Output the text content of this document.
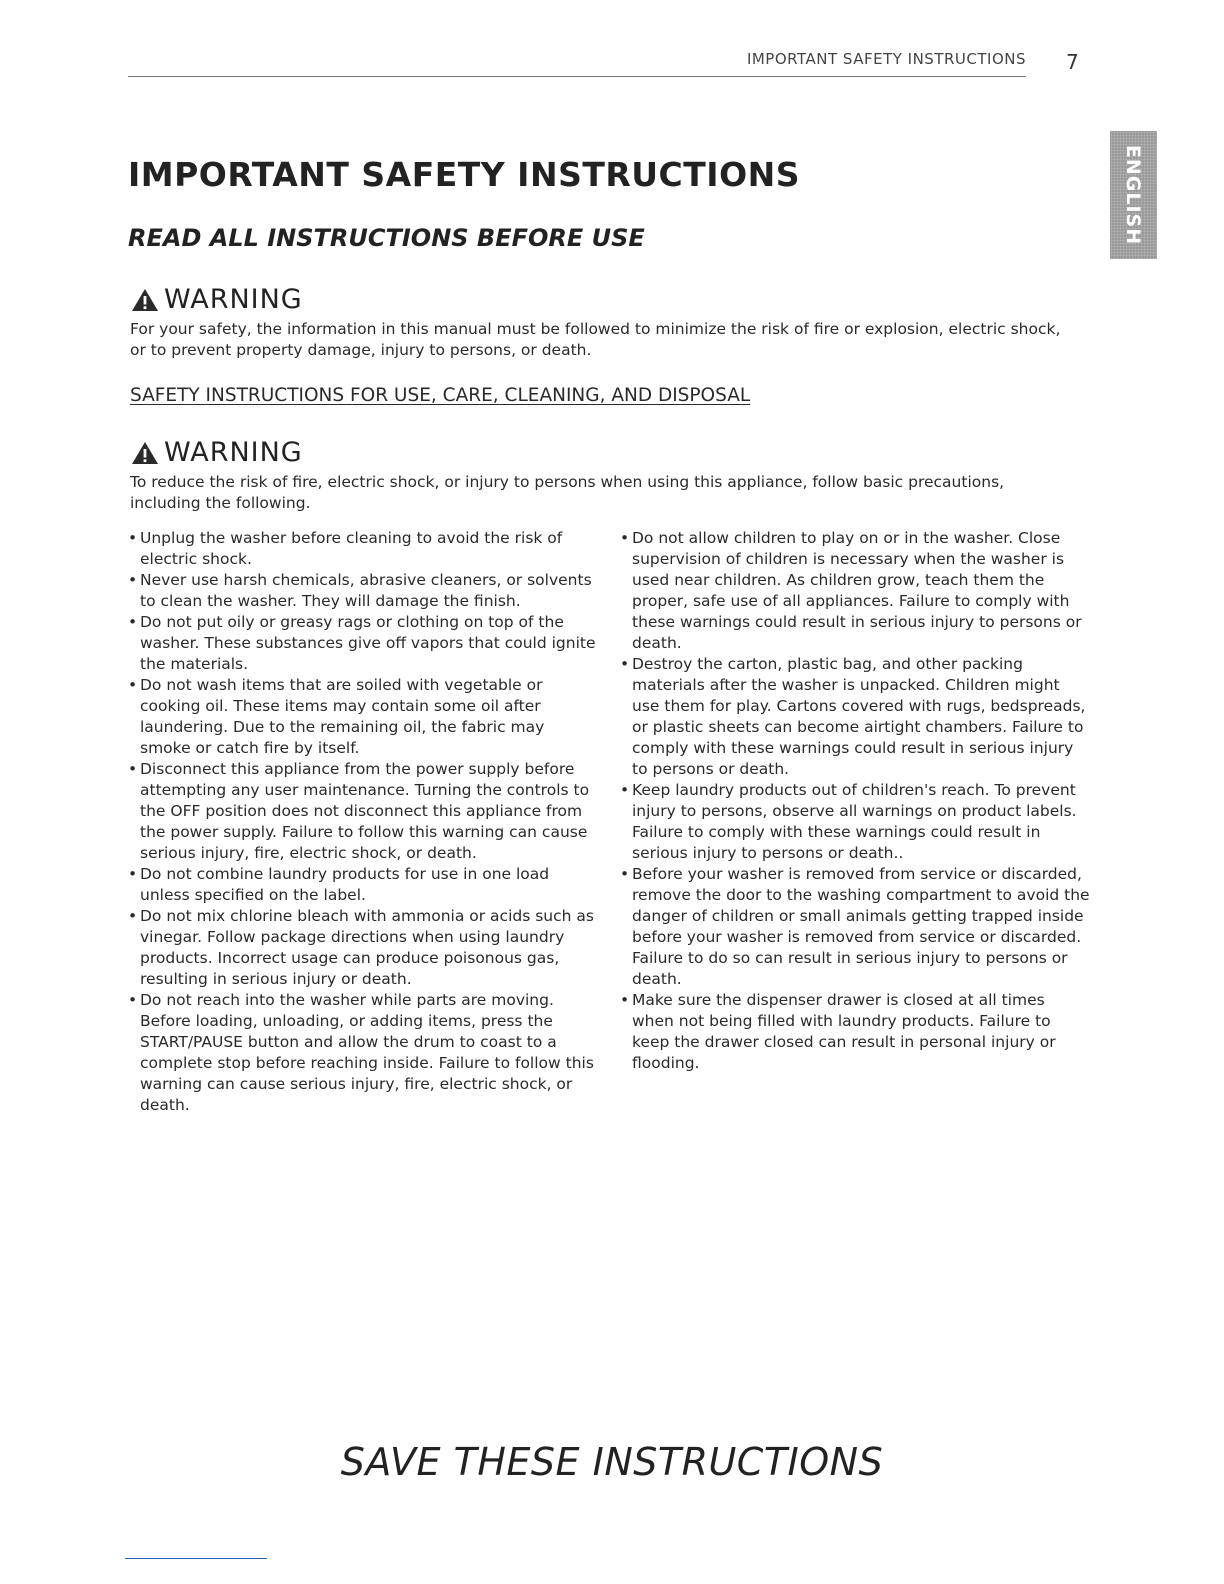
IMPORTANT SAFETY INSTRUCTIONS 7
ENGLISH
IMPORTANT SAFETY INSTRUCTIONS
READ ALL INSTRUCTIONS BEFORE USE
WARNING

For your safety, the information in this manual must be followed to minimize the risk of fire or explosion, electric shock, or to prevent property damage, injury to persons, or death.

SAFETY INSTRUCTIONS FOR USE, CARE, CLEANING, AND DISPOSAL

WARNING

To reduce the risk of fire, electric shock, or injury to persons when using this appliance, follow basic precautions, including the following.

• Unplug the washer before cleaning to avoid the risk of electric shock.
• Never use harsh chemicals, abrasive cleaners, or solvents to clean the washer. They will damage the finish.
• Do not put oily or greasy rags or clothing on top of the washer. These substances give off vapors that could ignite the materials.
• Do not wash items that are soiled with vegetable or cooking oil. These items may contain some oil after laundering. Due to the remaining oil, the fabric may smoke or catch fire by itself.
• Disconnect this appliance from the power supply before attempting any user maintenance. Turning the controls to the OFF position does not disconnect this appliance from the power supply. Failure to follow this warning can cause serious injury, fire, electric shock, or death.
• Do not combine laundry products for use in one load unless specified on the label.
• Do not mix chlorine bleach with ammonia or acids such as vinegar. Follow package directions when using laundry products. Incorrect usage can produce poisonous gas, resulting in serious injury or death.
• Do not reach into the washer while parts are moving. Before loading, unloading, or adding items, press the START/PAUSE button and allow the drum to coast to a complete stop before reaching inside. Failure to follow this warning can cause serious injury, fire, electric shock, or death.
• Do not allow children to play on or in the washer. Close supervision of children is necessary when the washer is used near children. As children grow, teach them the proper, safe use of all appliances. Failure to comply with these warnings could result in serious injury to persons or death.
• Destroy the carton, plastic bag, and other packing materials after the washer is unpacked. Children might use them for play. Cartons covered with rugs, bedspreads, or plastic sheets can become airtight chambers. Failure to comply with these warnings could result in serious injury to persons or death.
• Keep laundry products out of children's reach. To prevent injury to persons, observe all warnings on product labels. Failure to comply with these warnings could result in serious injury to persons or death..
• Before your washer is removed from service or discarded, remove the door to the washing compartment to avoid the danger of children or small animals getting trapped inside before your washer is removed from service or discarded. Failure to do so can result in serious injury to persons or death.
• Make sure the dispenser drawer is closed at all times when not being filled with laundry products. Failure to keep the drawer closed can result in personal injury or flooding.
SAVE THESE INSTRUCTIONS
